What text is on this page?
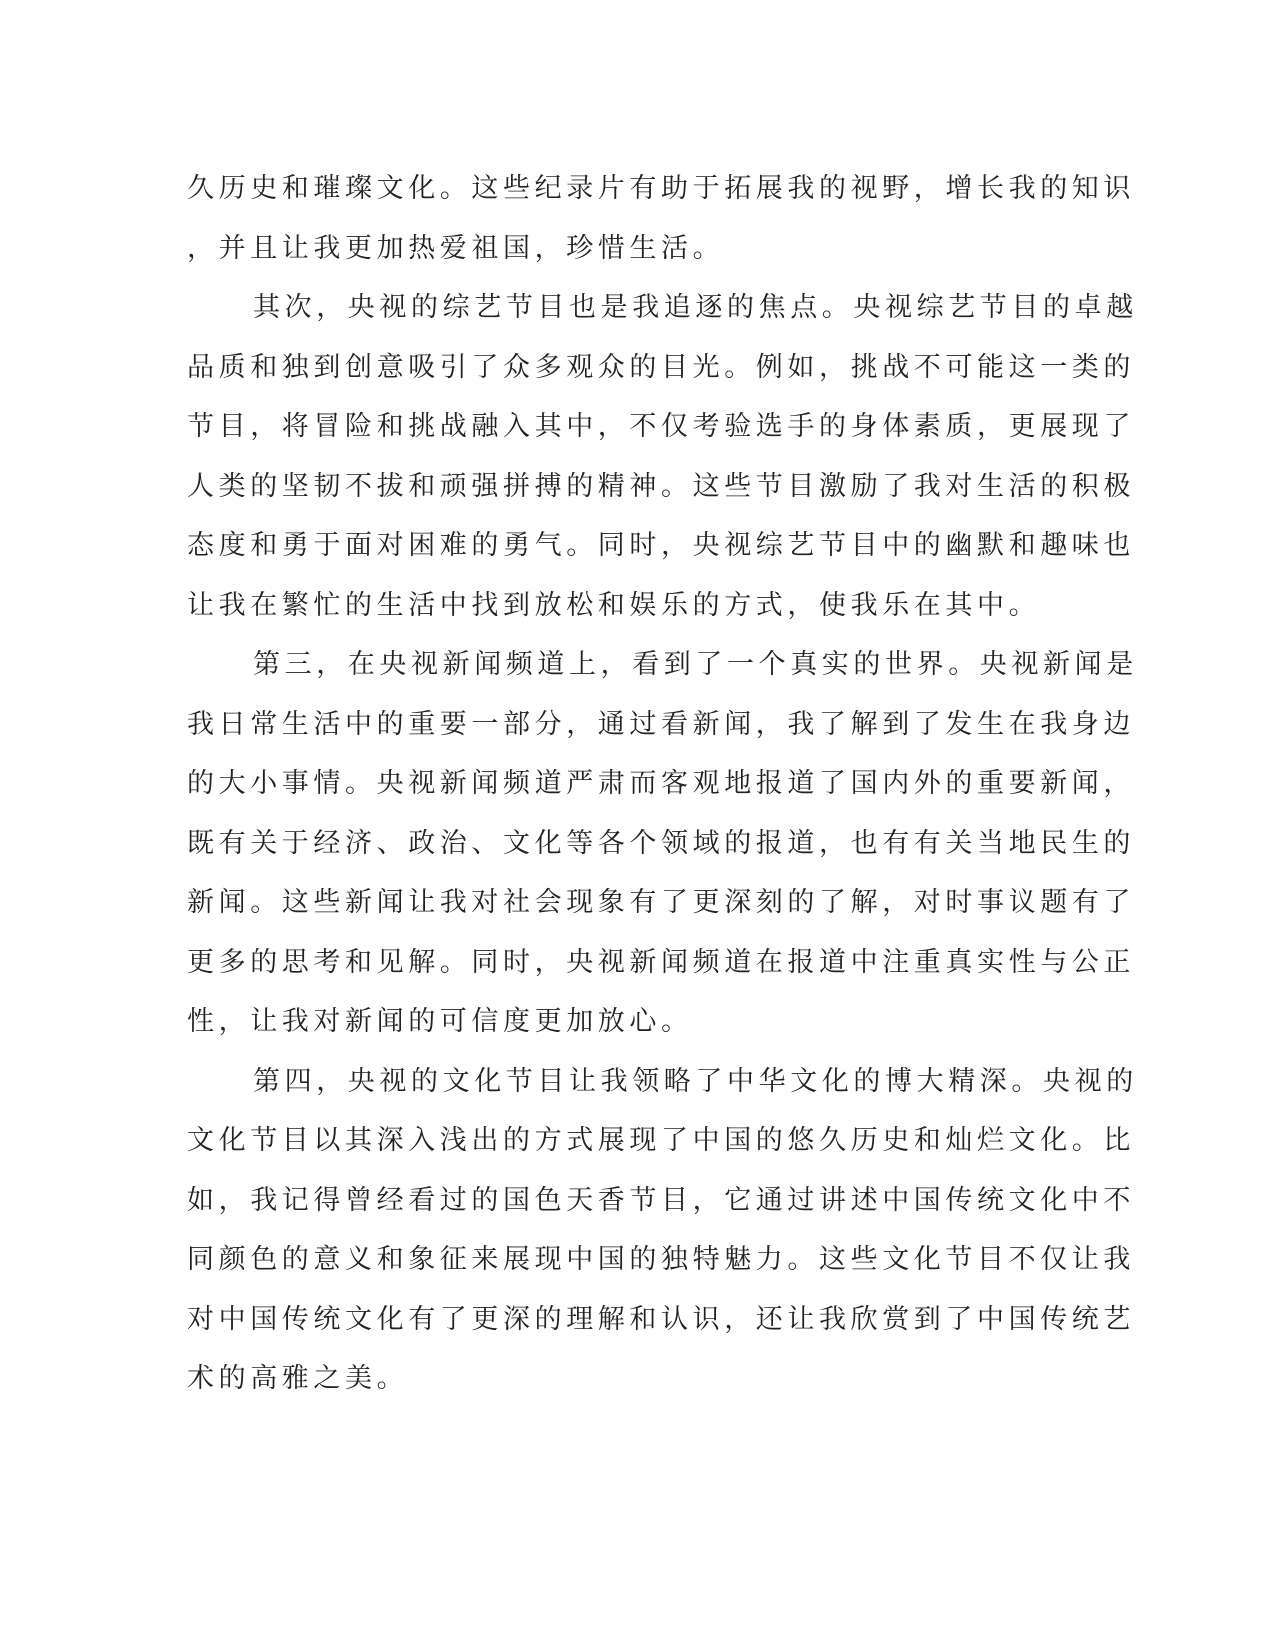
久历史和璀璨文化。这些纪录片有助于拓展我的视野，增长我的知识
，并且让我更加热爱祖国，珍惜生活。
其次，央视的综艺节目也是我追逐的焦点。央视综艺节目的卓越
品质和独到创意吸引了众多观众的目光。例如，挑战不可能这一类的
节目，将冒险和挑战融入其中，不仅考验选手的身体素质，更展现了
人类的坚韧不拔和顽强拼搏的精神。这些节目激励了我对生活的积极
态度和勇于面对困难的勇气。同时，央视综艺节目中的幽默和趣味也
让我在繁忙的生活中找到放松和娱乐的方式，使我乐在其中。
第三，在央视新闻频道上，看到了一个真实的世界。央视新闻是
我日常生活中的重要一部分，通过看新闻，我了解到了发生在我身边
的大小事情。央视新闻频道严肃而客观地报道了国内外的重要新闻，
既有关于经济、政治、文化等各个领域的报道，也有有关当地民生的
新闻。这些新闻让我对社会现象有了更深刻的了解，对时事议题有了
更多的思考和见解。同时，央视新闻频道在报道中注重真实性与公正
性，让我对新闻的可信度更加放心。
第四，央视的文化节目让我领略了中华文化的博大精深。央视的
文化节目以其深入浅出的方式展现了中国的悠久历史和灿烂文化。比
如，我记得曾经看过的国色天香节目，它通过讲述中国传统文化中不
同颜色的意义和象征来展现中国的独特魅力。这些文化节目不仅让我
对中国传统文化有了更深的理解和认识，还让我欣赏到了中国传统艺
术的高雅之美。
